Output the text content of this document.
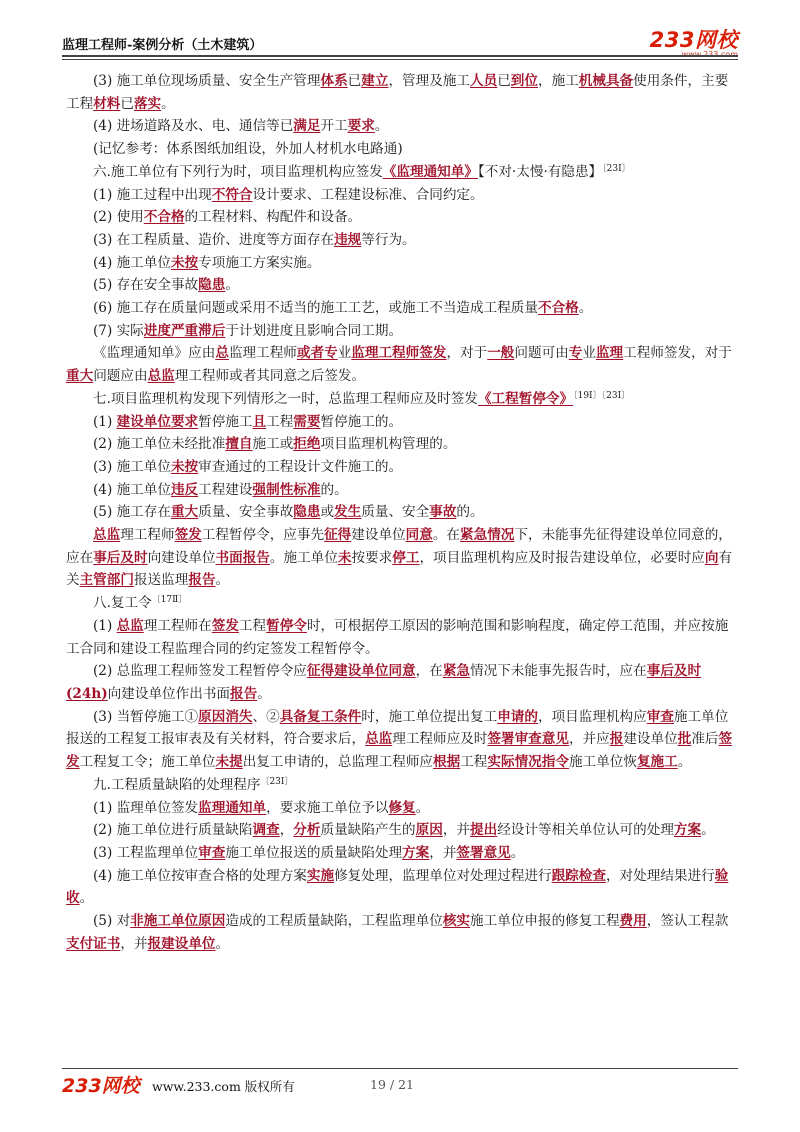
监理工程师-案例分析（土木建筑）	233网校
www.233.com

(3) 施工单位现场质量、安全生产管理体系已建立，管理及施工人员已到位，施工机械具备使用条件，主要工程材料已落实。

(4) 进场道路及水、电、通信等已满足开工要求。

(记忆参考：体系图纸加组设，外加人材机水电路通)

六.施工单位有下列行为时，项目监理机构应签发《监理通知单》【不对·太慢·有隐患】$^{〔23Ⅰ〕}$

(1) 施工过程中出现不符合设计要求、工程建设标准、合同约定。

(2) 使用不合格的工程材料、构配件和设备。

(3) 在工程质量、造价、进度等方面存在违规等行为。

(4) 施工单位未按专项施工方案实施。

(5) 存在安全事故隐患。

(6) 施工存在质量问题或采用不适当的施工工艺，或施工不当造成工程质量不合格。

(7) 实际进度严重滞后于计划进度且影响合同工期。

《监理通知单》应由总监理工程师或者专业监理工程师签发，对于一般问题可由专业监理工程师签发，对于重大问题应由总监理工程师或者其同意之后签发。

七.项目监理机构发现下列情形之一时，总监理工程师应及时签发《工程暂停令》$^{〔19Ⅰ〕〔23Ⅰ〕}$

(1) 建设单位要求暂停施工且工程需要暂停施工的。

(2) 施工单位未经批准擅自施工或拒绝项目监理机构管理的。

(3) 施工单位未按审查通过的工程设计文件施工的。

(4) 施工单位违反工程建设强制性标准的。

(5) 施工存在重大质量、安全事故隐患或发生质量、安全事故的。

总监理工程师签发工程暂停令，应事先征得建设单位同意。在紧急情况下，未能事先征得建设单位同意的，应在事后及时向建设单位书面报告。施工单位未按要求停工，项目监理机构应及时报告建设单位，必要时应向有关主管部门报送监理报告。

八.复工令$^{〔17Ⅱ〕}$

(1) 总监理工程师在签发工程暂停令时，可根据停工原因的影响范围和影响程度，确定停工范围，并应按施工合同和建设工程监理合同的约定签发工程暂停令。

(2) 总监理工程师签发工程暂停令应征得建设单位同意，在紧急情况下未能事先报告时，应在事后及时(24h)向建设单位作出书面报告。

(3) 当暂停施工①原因消失、②具备复工条件时，施工单位提出复工申请的，项目监理机构应审查施工单位报送的工程复工报审表及有关材料，符合要求后，总监理工程师应及时签署审查意见，并应报建设单位批准后签发工程复工令；施工单位未提出复工申请的，总监理工程师应根据工程实际情况指令施工单位恢复施工。

九.工程质量缺陷的处理程序$^{〔23Ⅰ〕}$

(1) 监理单位签发监理通知单，要求施工单位予以修复。

(2) 施工单位进行质量缺陷调查，分析质量缺陷产生的原因，并提出经设计等相关单位认可的处理方案。

(3) 工程监理单位审查施工单位报送的质量缺陷处理方案，并签署意见。

(4) 施工单位按审查合格的处理方案实施修复处理，监理单位对处理过程进行跟踪检查，对处理结果进行验收。

(5) 对非施工单位原因造成的工程质量缺陷，工程监理单位核实施工单位申报的修复工程费用，签认工程款支付证书，并报建设单位。

233网校 www.233.com 版权所有	19 / 21
